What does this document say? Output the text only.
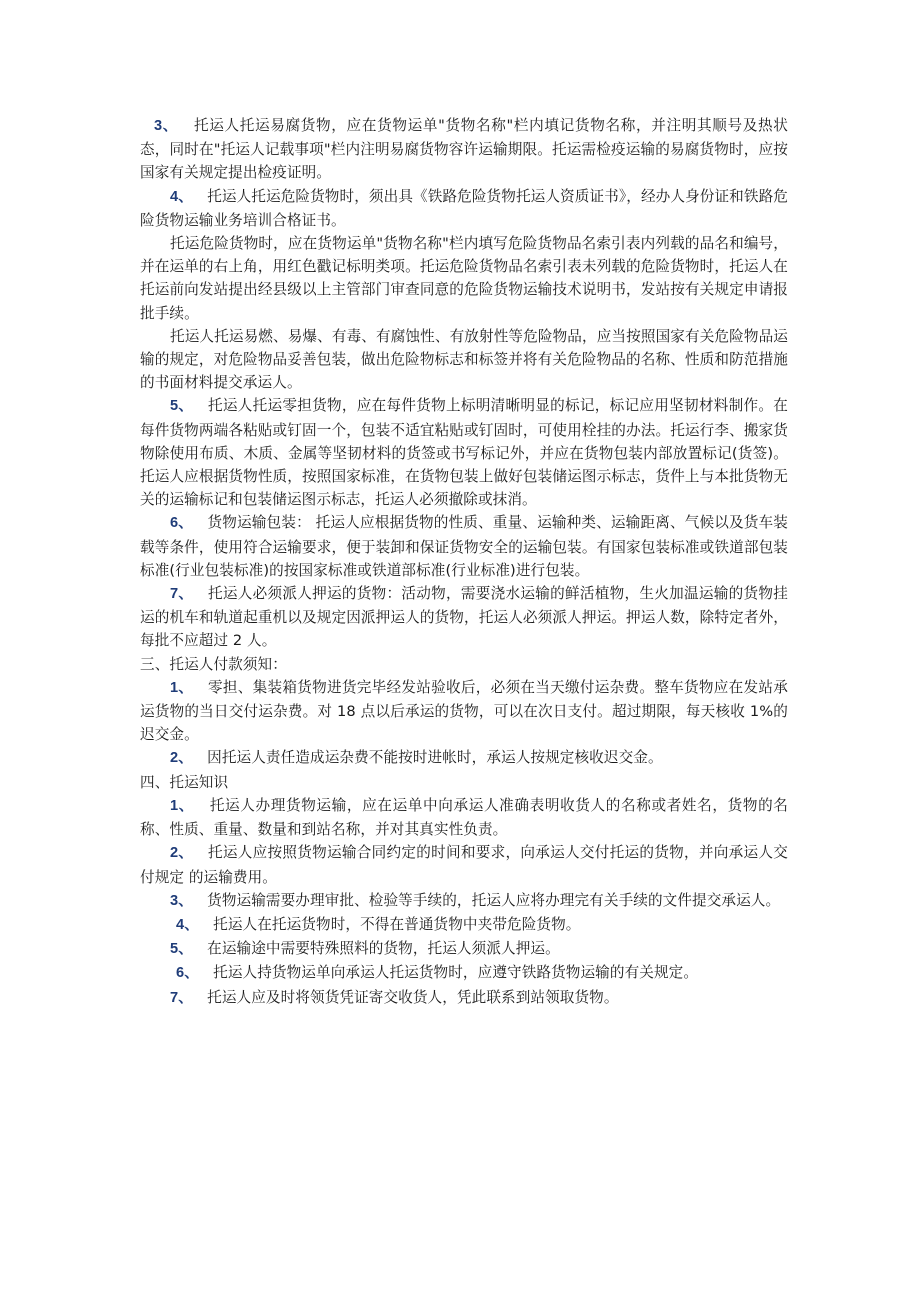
3、 托运人托运易腐货物，应在货物运单"货物名称"栏内填记货物名称，并注明其顺号及热状态，同时在"托运人记载事项"栏内注明易腐货物容许运输期限。托运需检疫运输的易腐货物时，应按国家有关规定提出检疫证明。

4、 托运人托运危险货物时，须出具《铁路危险货物托运人资质证书》，经办人身份证和铁路危险货物运输业务培训合格证书。

托运危险货物时，应在货物运单"货物名称"栏内填写危险货物品名索引表内列载的品名和编号，并在运单的右上角，用红色戳记标明类项。托运危险货物品名索引表未列载的危险货物时，托运人在托运前向发站提出经县级以上主管部门审查同意的危险货物运输技术说明书，发站按有关规定申请报批手续。

托运人托运易燃、易爆、有毒、有腐蚀性、有放射性等危险物品，应当按照国家有关危险物品运输的规定，对危险物品妥善包装，做出危险物标志和标签并将有关危险物品的名称、性质和防范措施的书面材料提交承运人。

5、 托运人托运零担货物，应在每件货物上标明清晰明显的标记，标记应用坚韧材料制作。在每件货物两端各粘贴或钉固一个，包装不适宜粘贴或钉固时，可使用栓挂的办法。托运行李、搬家货物除使用布质、木质、金属等坚韧材料的货签或书写标记外，并应在货物包装内部放置标记(货签)。托运人应根据货物性质，按照国家标准，在货物包装上做好包装储运图示标志，货件上与本批货物无关的运输标记和包装储运图示标志，托运人必须撤除或抹消。

6、 货物运输包装： 托运人应根据货物的性质、重量、运输种类、运输距离、气候以及货车装载等条件，使用符合运输要求，便于装卸和保证货物安全的运输包装。有国家包装标准或铁道部包装标准(行业包装标准)的按国家标准或铁道部标准(行业标准)进行包装。

7、 托运人必须派人押运的货物：活动物，需要浇水运输的鲜活植物，生火加温运输的货物挂运的机车和轨道起重机以及规定因派押运人的货物，托运人必须派人押运。押运人数，除特定者外，每批不应超过 2 人。

三、托运人付款须知：

1、 零担、集装箱货物进货完毕经发站验收后，必须在当天缴付运杂费。整车货物应在发站承运货物的当日交付运杂费。对 18 点以后承运的货物，可以在次日支付。超过期限，每天核收 1%的迟交金。

2、 因托运人责任造成运杂费不能按时进帐时，承运人按规定核收迟交金。

四、托运知识

1、 托运人办理货物运输，应在运单中向承运人准确表明收货人的名称或者姓名，货物的名称、性质、重量、数量和到站名称，并对其真实性负责。

2、 托运人应按照货物运输合同约定的时间和要求，向承运人交付托运的货物，并向承运人交付规定 的运输费用。

3、 货物运输需要办理审批、检验等手续的，托运人应将办理完有关手续的文件提交承运人。

4、 托运人在托运货物时，不得在普通货物中夹带危险货物。

5、 在运输途中需要特殊照料的货物，托运人须派人押运。

6、 托运人持货物运单向承运人托运货物时，应遵守铁路货物运输的有关规定。

7、 托运人应及时将领货凭证寄交收货人，凭此联系到站领取货物。
